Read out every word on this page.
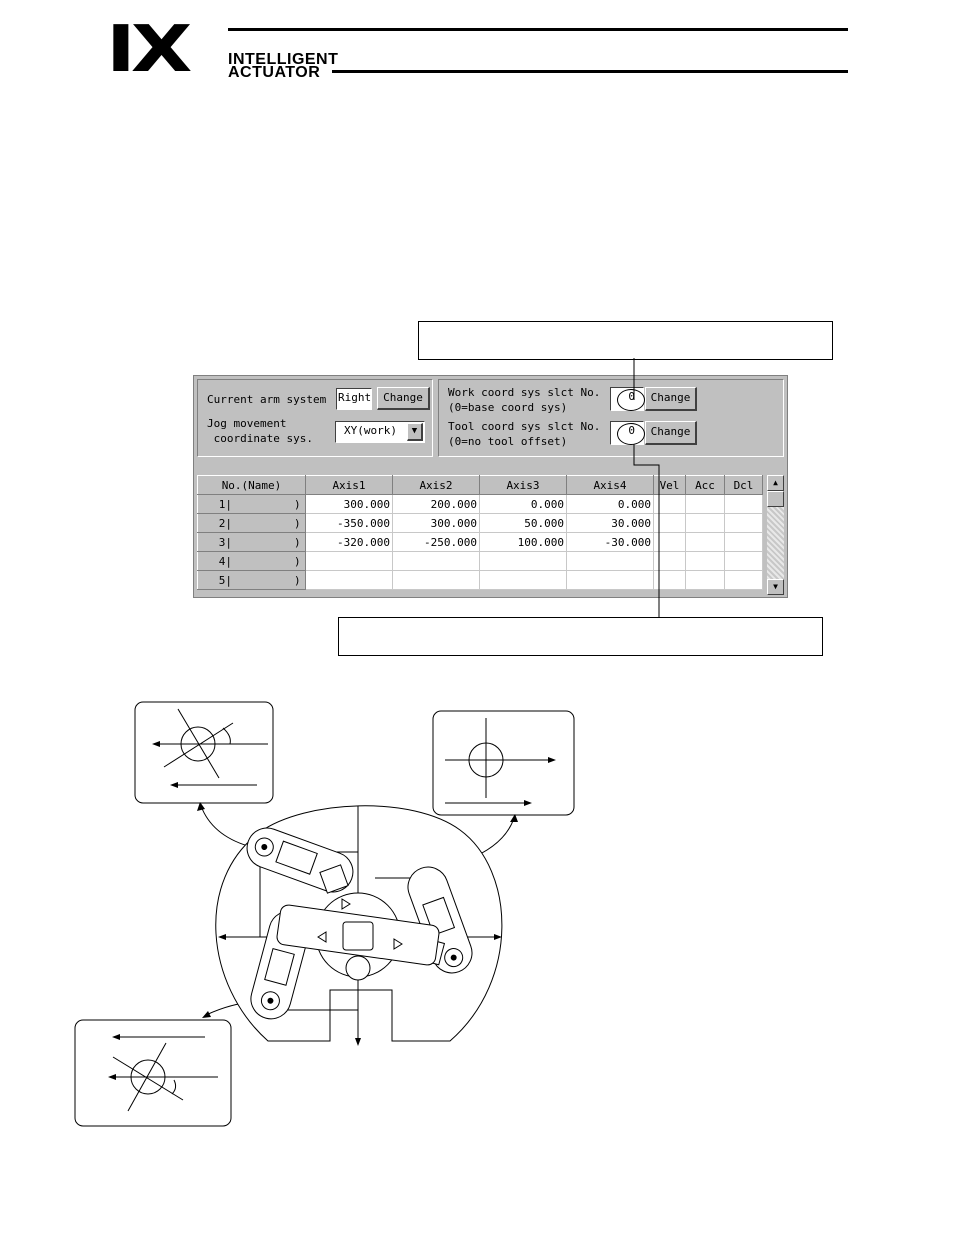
IX	INTELLIGENT
ACTUATOR
Current arm system Right	Change
Jog movement
coordinate sys.
XY(work)	▼
Work coord sys slct No.
(0=base coord sys)
0	Change
Tool coord sys slct No.
(0=no tool offset)
0	Change
No.(Name)	Axis1	Axis2	Axis3	Axis4	Vel	Acc	Dcl
1| )	300.000	200.000	0.000	0.000			
2| )	-350.000	300.000	50.000	30.000			
3| )	-320.000	-250.000	100.000	-30.000			
4| )							
5| )							
▲
▼
